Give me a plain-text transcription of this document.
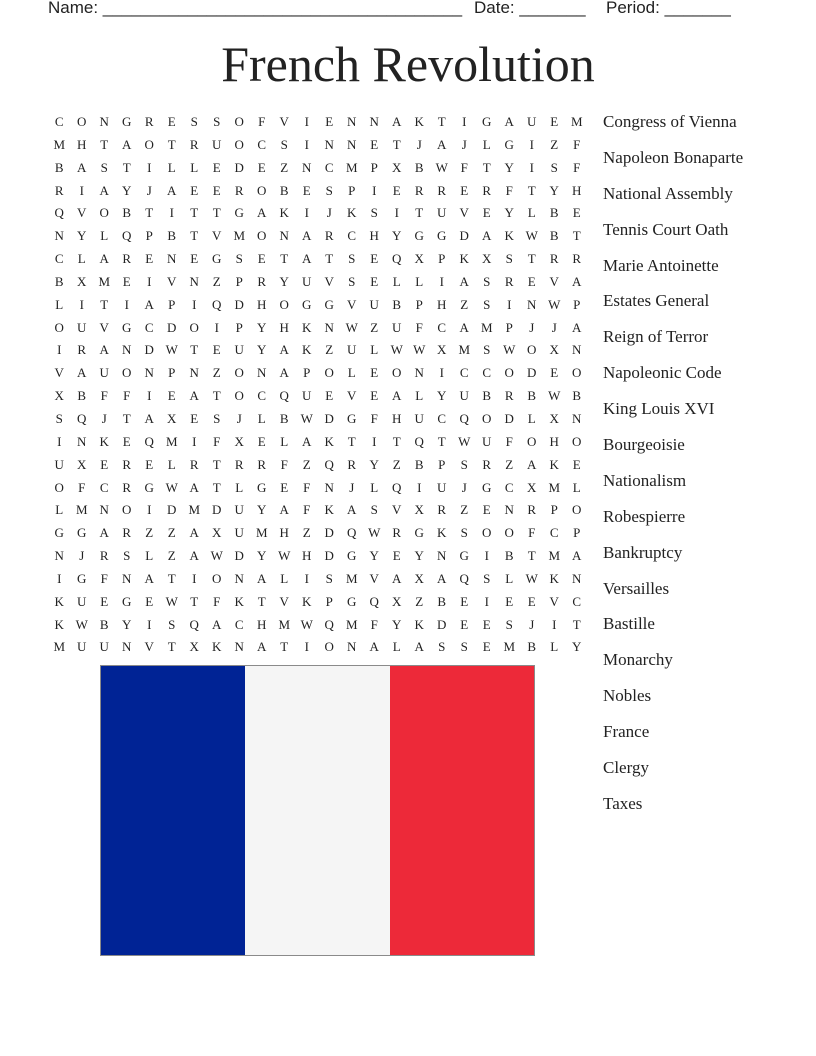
Name: ______________________________________ Date: _______ Period: _______
French Revolution
C	O	N	G	R	E	S	S	O	F	V	I	E	N	N	A	K	T	I	G	A	U	E M
M H	T	A	O	T	R	U	O	C	S	I	N	N	E	T	J	A	J	L	G	I	Z	F
B	A	S	T	I	L	L	E	D	E	Z	N	C M	P	X	B W F	T	Y	I	S	F
R	I	A	Y	J	A	E	E	R	O	B	E	S	P	I	E	R	R	E	R	F	T	Y	H
Q	V	O	B	T	I	T	T	G	A	K	I	J	K	S	I	T	U	V	E	Y	L	B	E
N	Y	L	Q	P	B	T	V M O	N	A	R	C	H	Y	G	G	D	A	K W B	T
C	L	A	R	E	N	E	G	S	E	T	A	T	S	E	Q	X	P	K	X	S	T	R	R
B	X M E	I	V	N	Z	P	R	Y	U	V	S	E	L	L	I	A	S	R	E	V	A
L	I	T	I	A	P	I	Q	D	H	O	G	G	V	U	B	P	H	Z	S	I	N W P
O	U	V	G	C	D	O	I	P	Y	H	K	N W Z	U	F	C	A M	P	J	J	A
I	R	A	N	D W T	E	U	Y	A	K	Z	U	L W W X M	S W O	X	N
V	A	U	O	N	P	N	Z	O	N	A	P	O	L	E	O	N	I	C	C	O	D	E	O
X	B	F	F	I	E	A	T	O	C	Q	U	E	V	E	A	L	Y	U	B	R	B W B
S	Q	J	T	A	X	E	S	J	L	B W D	G	F	H	U	C	Q	O	D	L	X	N
I	N	K	E	Q M	I	F	X	E	L	A	K	T	I	T	Q	T W U	F	O	H	O
U	X	E	R	E	L	R	T	R	R	F	Z	Q	R	Y	Z	B	P	S	R	Z	A	K	E
O	F	C	R	G W A	T	L	G	E	F	N	J	L	Q	I	U	J	G	C	X M L
L M N	O	I	D M D	U	Y	A	F	K	A	S	V	X	R	Z	E	N	R	P	O
G	G	A	R	Z	Z	A	X	U M H	Z	D	Q W R	G	K	S	O	O	F	C	P
N	J	R	S	L	Z	A W D	Y W H	D	G	Y	E	Y	N	G	I	B	T M A
I	G	F	N	A	T	I	O	N	A	L	I	S	M V	A	X	A	Q	S	L W K	N
K	U	E	G	E W T	F	K	T	V	K	P	G	Q	X	Z	B	E	I	E	E	V	C
K W B	Y	I	S	Q	A	C	H M W Q M	F	Y	K	D	E	E	S	J	I	T
M U	U	N	V	T	X	K	N	A	T	I	O	N	A	L	A	S	S	E M B	L	Y
Congress of Vienna
Napoleon Bonaparte
National Assembly
Tennis Court Oath
Marie Antoinette
Estates General
Reign of Terror
Napoleonic Code
King Louis XVI
Bourgeoisie
Nationalism
Robespierre
Bankruptcy
Versailles
Bastille
Monarchy
Nobles
France
Clergy
Taxes
